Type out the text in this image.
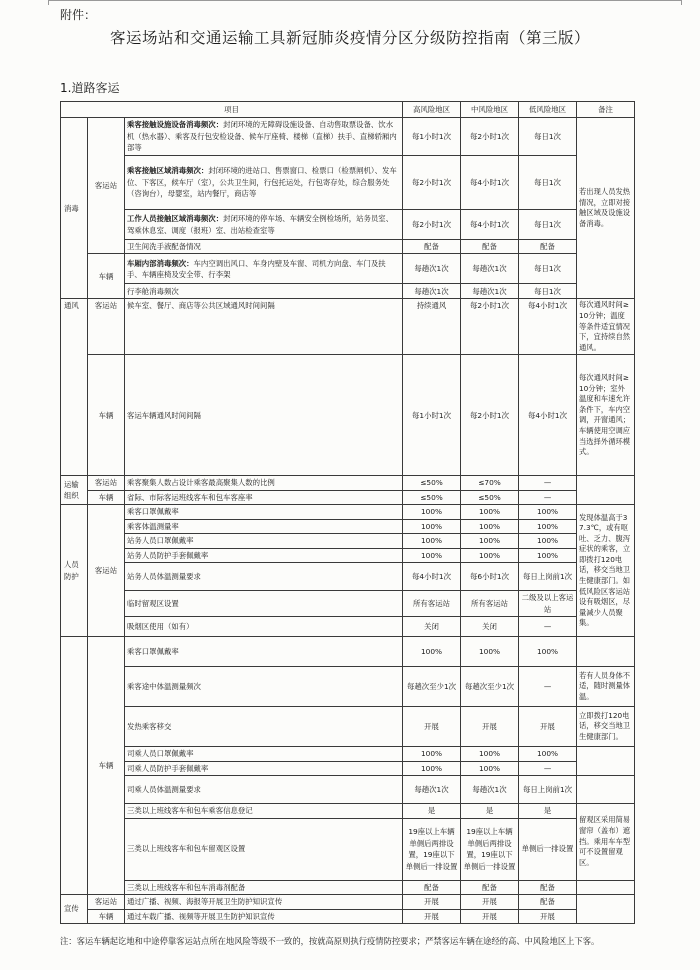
附件：
客运场站和交通运输工具新冠肺炎疫情分区分级防控指南（第三版）
1.道路客运
项目			高风险地区	中风险地区	低风险地区	备注
消毒	客运站	乘客接触设施设备消毒频次：封闭环境的无障碍设施设备、自动售取票设备、饮水机（热水器）、乘客及行包安检设备、候车厅座椅、楼梯（直梯）扶手、直梯轿厢内部等	每1小时1次	每2小时1次	每日1次	若出现人员发热情况，立即对接触区域及设施设备消毒。
		乘客接触区域消毒频次：封闭环境的进站口、售票窗口、检票口（检票闸机）、发车位、下客区，候车厅（室），公共卫生间，行包托运处，行包寄存处，综合服务处（咨询台），母婴室，站内餐厅，商店等	每2小时1次	每4小时1次	每日1次	
		工作人员接触区域消毒频次：封闭环境的停车场、车辆安全例检场所，站务员室、驾乘休息室、调度（报班）室、出站检查室等	每2小时1次	每4小时1次	每日1次	
		卫生间洗手液配备情况	配备	配备	配备	
	车辆	车厢内部消毒频次：车内空调出风口、车身内壁及车窗、司机方向盘、车门及扶手、车辆座椅及安全带、行李架	每趟次1次	每趟次1次	每日1次	
		行李舱消毒频次	每趟次1次	每趟次1次	每日1次	
通风	客运站	候车室、餐厅、商店等公共区域通风时间间隔	持续通风	每2小时1次	每4小时1次	每次通风时间≥10分钟；温度等条件适宜情况下，宜持续自然通风。
	车辆	客运车辆通风时间间隔	每1小时1次	每2小时1次	每4小时1次	每次通风时间≥10分钟；室外温度和车速允许条件下，车内空调，开窗通风；车辆使用空调应当选择外循环模式。
运输组织	客运站	乘客聚集人数占设计乘客最高聚集人数的比例	≤50%	≤70%	—	
	车辆	省际、市际客运班线客车和包车客座率	≤50%	≤50%	—	
人员防护	客运站	乘客口罩佩戴率	100%	100%	100%	发现体温高于37.3℃，或有呕吐、乏力、腹泻症状的乘客，立即拨打120电话，移交当地卫生健康部门。如低风险区客运站设有吸烟区，尽量减少人员聚集。
		乘客体温测量率	100%	100%	100%	
		站务人员口罩佩戴率	100%	100%	100%	
		站务人员防护手套佩戴率	100%	100%	100%	
		站务人员体温测量要求	每4小时1次	每6小时1次	每日上岗前1次	
		临时留观区设置	所有客运站	所有客运站	二级及以上客运站	
		吸烟区使用（如有）	关闭	关闭	—	
	车辆	乘客口罩佩戴率	100%	100%	100%	
		乘客途中体温测量频次	每趟次至少1次	每趟次至少1次	—	若有人员身体不适，随时测量体温。
		发热乘客移交	开展	开展	开展	立即拨打120电话，移交当地卫生健康部门。
		司乘人员口罩佩戴率	100%	100%	100%	
		司乘人员防护手套佩戴率	100%	100%	—	
		司乘人员体温测量要求	每趟次1次	每趟次1次	每日上岗前1次	
		三类以上班线客车和包车乘客信息登记	是	是	是	留观区采用简易窗帘（盖布）遮挡。乘用车车型可不设置留观区。
		三类以上班线客车和包车留观区设置	19座以上车辆单侧后两排设置，19座以下单侧后一排设置	19座以上车辆单侧后两排设置，19座以下单侧后一排设置	单侧后一排设置	
		三类以上班线客车和包车消毒剂配备	配备	配备	配备	
宣传	客运站	通过广播、视频、海报等开展卫生防护知识宣传	开展	开展	配备	
	车辆	通过车载广播、视频等开展卫生防护知识宣传	开展	开展	开展	
注：客运车辆起讫地和中途停靠客运站点所在地风险等级不一致的，按就高原则执行疫情防控要求；严禁客运车辆在途经的高、中风险地区上下客。
